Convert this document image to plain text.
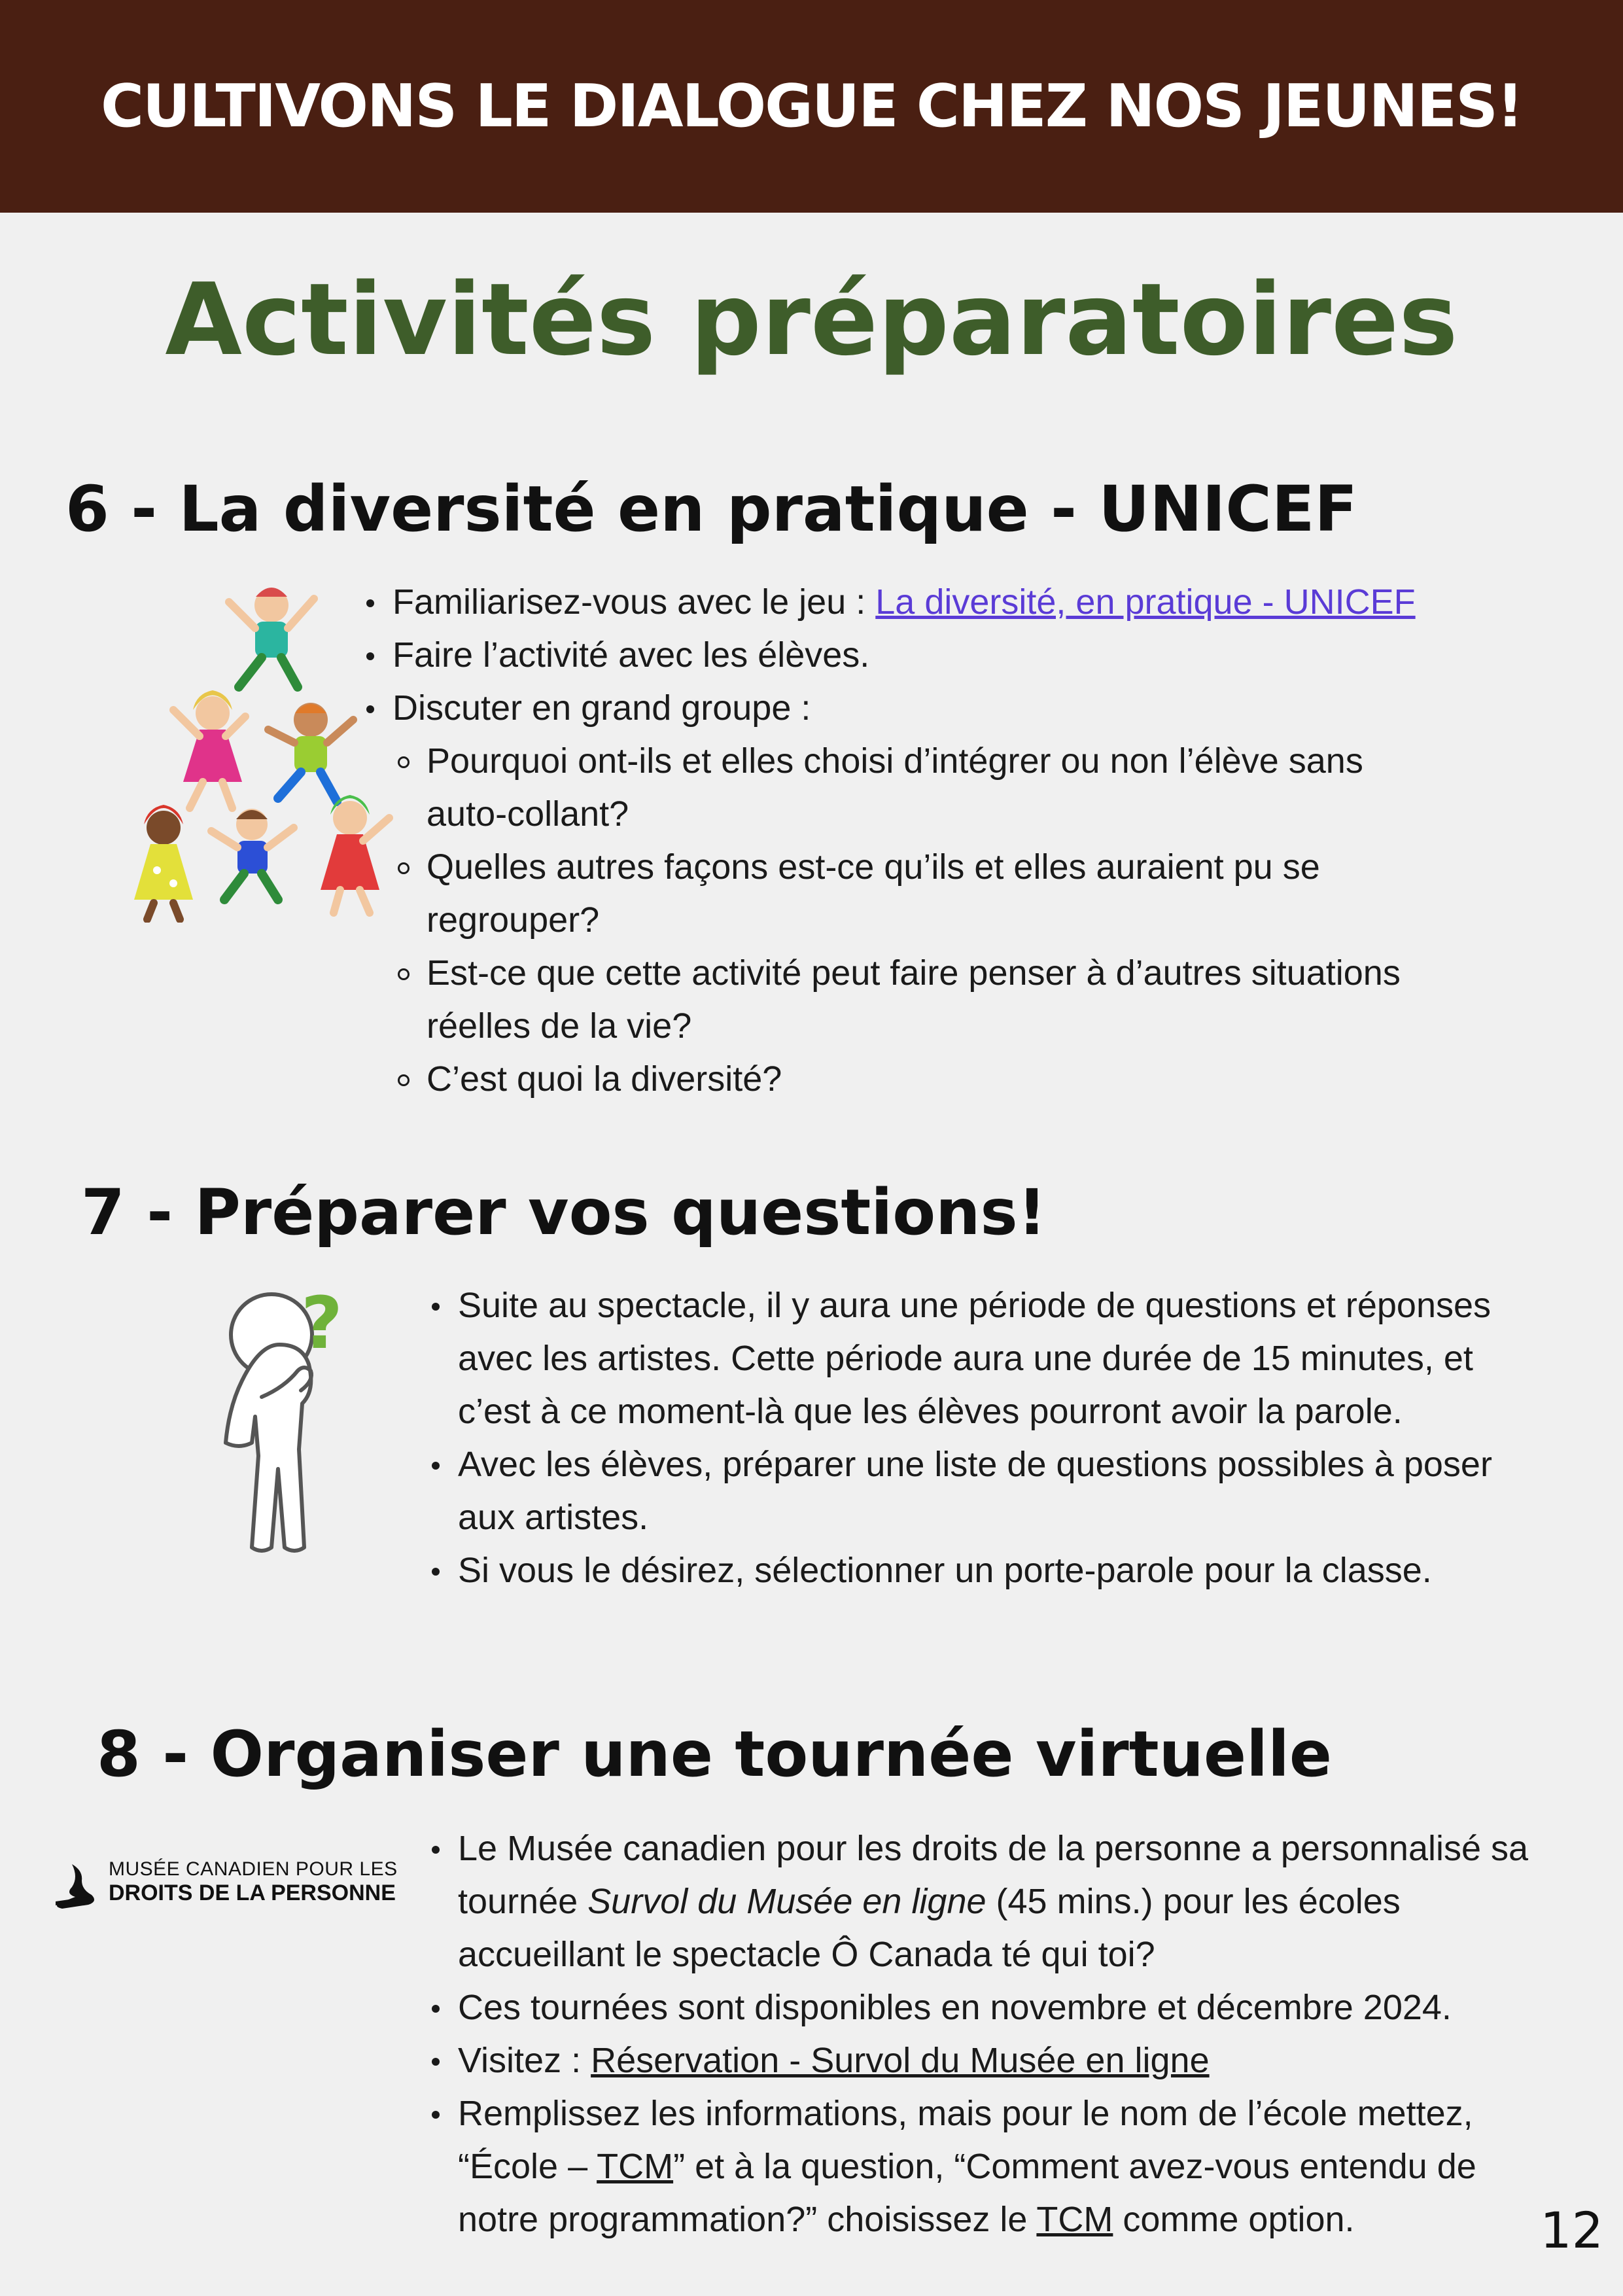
CULTIVONS LE DIALOGUE CHEZ NOS JEUNES!
Activités préparatoires
6 - La diversité en pratique - UNICEF
Familiarisez-vous avec le jeu : La diversité, en pratique - UNICEF
Faire l’activité avec les élèves.
Discuter en grand groupe :
Pourquoi ont-ils et elles choisi d’intégrer ou non l’élève sans auto-collant?
Quelles autres façons est-ce qu’ils et elles auraient pu se regrouper?
Est-ce que cette activité peut faire penser à d’autres situations réelles de la vie?
C’est quoi la diversité?
7 - Préparer vos questions!
?	Suite au spectacle, il y aura une période de questions et réponses avec les artistes. Cette période aura une durée de 15 minutes, et c’est à ce moment-là que les élèves pourront avoir la parole.
Avec les élèves, préparer une liste de questions possibles à poser aux artistes.
Si vous le désirez, sélectionner un porte-parole pour la classe.
8 - Organiser une tournée virtuelle
MUSÉE CANADIEN POUR LES
DROITS DE LA PERSONNE
Le Musée canadien pour les droits de la personne a personnalisé sa tournée Survol du Musée en ligne (45 mins.) pour les écoles accueillant le spectacle Ô Canada té qui toi?
Ces tournées sont disponibles en novembre et décembre 2024.
Visitez : Réservation - Survol du Musée en ligne
Remplissez les informations, mais pour le nom de l’école mettez, “École – TCM” et à la question, “Comment avez-vous entendu de notre programmation?” choisissez le TCM comme option.	12
